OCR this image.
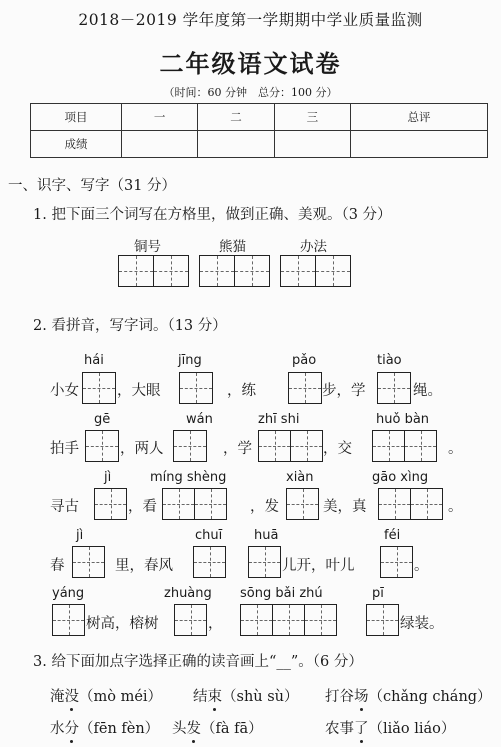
2018－2019 学年度第一学期期中学业质量监测
二年级语文试卷
（时间：60 分钟　总分：100 分）
项目	一	二	三	总评
成绩				
一、识字、写字（31 分）
1. 把下面三个词写在方格里，做到正确、美观。（3 分）
铜号	熊猫	办法
2. 看拼音，写字词。（13 分）
hái	jīng	pǎo	tiào
小女	，大眼	，练	步，学	绳。
gē	wán	zhī shi	huǒ bàn
拍手	，两人	，学	，交	。
jì	míng shèng	xiàn	gāo xìng
寻古	，看	，发	美，真	。
jì	chuī huā	féi
春	里，春风	儿开，叶儿	。
yáng	zhuàng sōng bǎi zhú	pī
树高，榕树	，	绿装。
3. 给下面加点字选择正确的读音画上“__”。（6 分）
淹没（mò méi） 结束（shù sù） 打谷场（chǎng cháng）
水分（fēn fèn） 头发（fà fā）	农事了（liǎo liáo）
